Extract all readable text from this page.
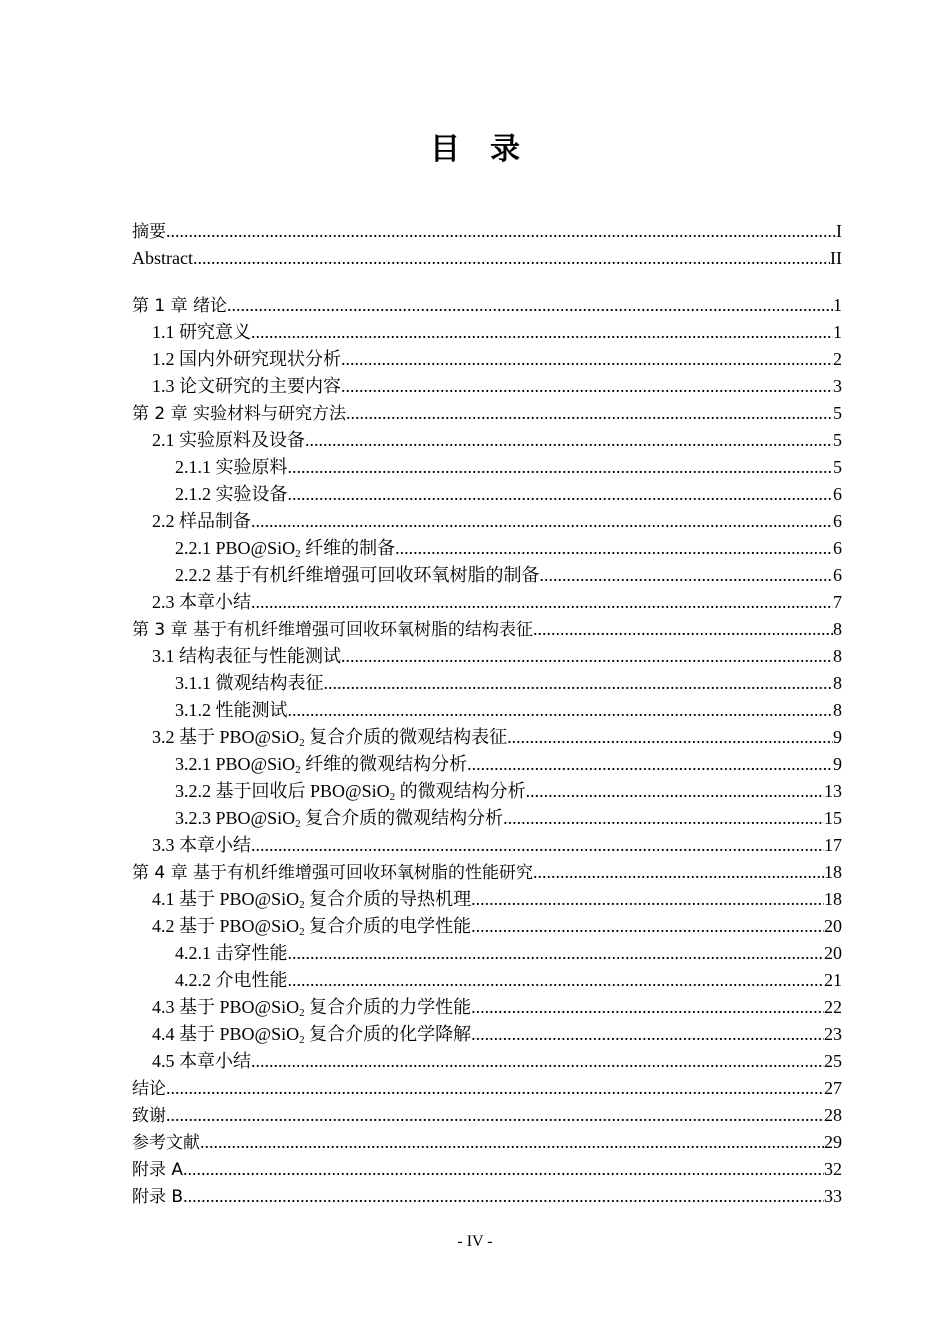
目录
摘要 .....	I
Abstract .....	II
第 1 章 绪论 .....	1
1.1 研究意义 .....	1
1.2 国内外研究现状分析 .....	2
1.3 论文研究的主要内容 .....	3
第 2 章 实验材料与研究方法 .....	5
2.1 实验原料及设备 .....	5
2.1.1 实验原料 .....	5
2.1.2 实验设备 .....	6
2.2 样品制备 .....	6
2.2.1 PBO@SiO$_2$ 纤维的制备 .....	6
2.2.2 基于有机纤维增强可回收环氧树脂的制备 .....	6
2.3 本章小结 .....	7
第 3 章 基于有机纤维增强可回收环氧树脂的结构表征 .....	8
3.1 结构表征与性能测试 .....	8
3.1.1 微观结构表征 .....	8
3.1.2 性能测试 .....	8
3.2 基于 PBO@SiO$_2$ 复合介质的微观结构表征 .....	9
3.2.1 PBO@SiO$_2$ 纤维的微观结构分析 .....	9
3.2.2 基于回收后 PBO@SiO$_2$ 的微观结构分析 .....	13
3.2.3 PBO@SiO$_2$ 复合介质的微观结构分析 .....	15
3.3 本章小结 .....	17
第 4 章 基于有机纤维增强可回收环氧树脂的性能研究 .....	18
4.1 基于 PBO@SiO$_2$ 复合介质的导热机理 .....	18
4.2 基于 PBO@SiO$_2$ 复合介质的电学性能 .....	20
4.2.1 击穿性能 .....	20
4.2.2 介电性能 .....	21
4.3 基于 PBO@SiO$_2$ 复合介质的力学性能 .....	22
4.4 基于 PBO@SiO$_2$ 复合介质的化学降解 .....	23
4.5 本章小结 .....	25
结论 .....	27
致谢 .....	28
参考文献 .....	29
附录 A .....	32
附录 B .....	33
- IV -
